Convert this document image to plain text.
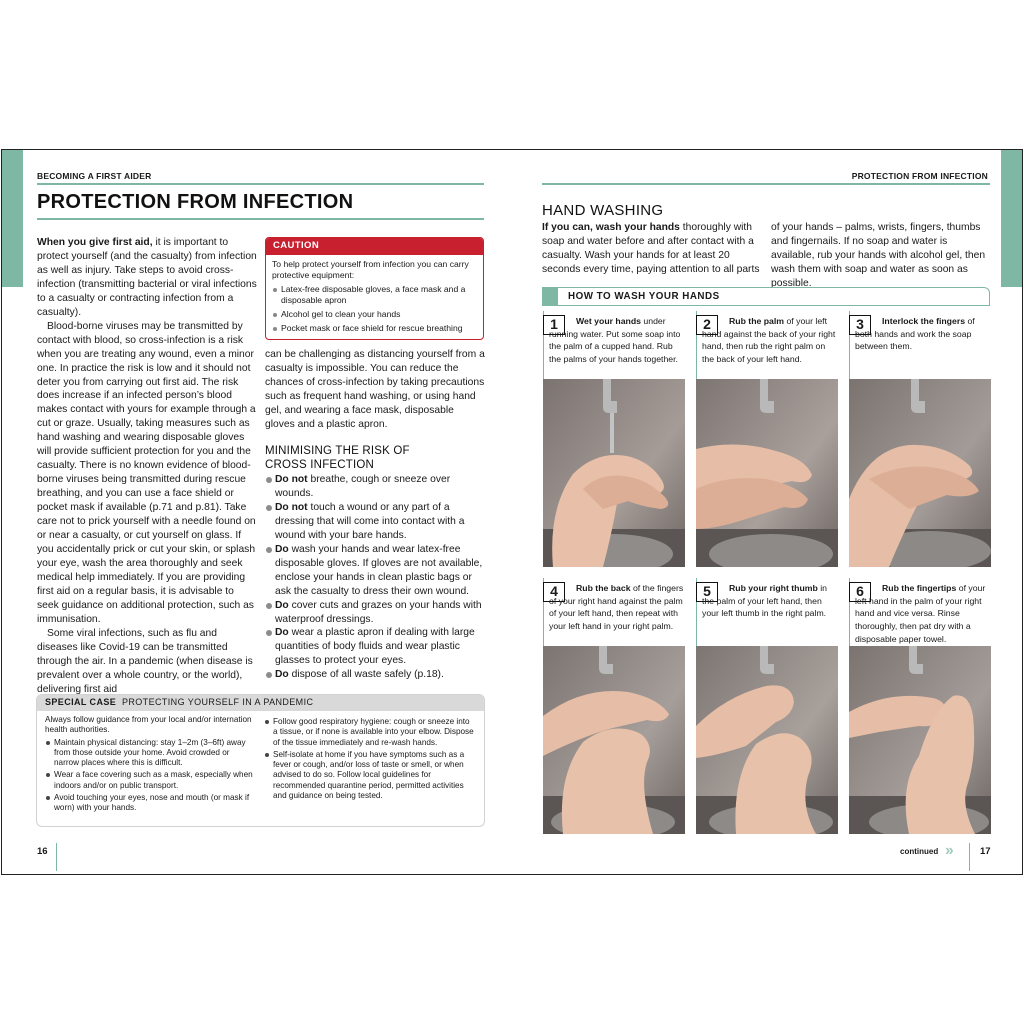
BECOMING A FIRST AIDER
PROTECTION FROM INFECTION

When you give first aid, it is important to protect yourself (and the casualty) from infection as well as injury. Take steps to avoid cross-infection (transmitting bacterial or viral infections to a casualty or contracting infection from a casualty).

Blood-borne viruses may be transmitted by contact with blood, so cross-infection is a risk when you are treating any wound, even a minor one. In practice the risk is low and it should not deter you from carrying out first aid. The risk does increase if an infected person’s blood makes contact with yours for example through a cut or graze. Usually, taking measures such as hand washing and wearing disposable gloves will provide sufficient protection for you and the casualty. There is no known evidence of blood-borne viruses being transmitted during rescue breathing, and you can use a face shield or pocket mask if available (p.71 and p.81). Take care not to prick yourself with a needle found on or near a casualty, or cut yourself on glass. If you accidentally prick or cut your skin, or splash your eye, wash the area thoroughly and seek medical help immediately. If you are providing first aid on a regular basis, it is advisable to seek guidance on additional protection, such as immunisation.

Some viral infections, such as flu and diseases like Covid-19 can be transmitted through the air. In a pandemic (when disease is prevalent over a whole country, or the world), delivering first aid

CAUTION
To help protect yourself from infection you can carry protective equipment:
Latex-free disposable gloves, a face mask and a disposable apron
Alcohol gel to clean your hands
Pocket mask or face shield for rescue breathing
can be challenging as distancing yourself from a casualty is impossible. You can reduce the chances of cross-infection by taking precautions such as frequent hand washing, or using hand gel, and wearing a face mask, disposable gloves and a plastic apron.
MINIMISING THE RISK OF
CROSS INFECTION
Do not breathe, cough or sneeze over wounds.
Do not touch a wound or any part of a dressing that will come into contact with a wound with your bare hands.
Do wash your hands and wear latex-free disposable gloves. If gloves are not available, enclose your hands in clean plastic bags or ask the casualty to dress their own wound.
Do cover cuts and grazes on your hands with waterproof dressings.
Do wear a plastic apron if dealing with large quantities of body fluids and wear plastic glasses to protect your eyes.
Do dispose of all waste safely (p.18).
SPECIAL CASE PROTECTING YOURSELF IN A PANDEMIC
Always follow guidance from your local and/or internation health authorities.
Maintain physical distancing: stay 1–2m (3–6ft) away from those outside your home. Avoid crowded or narrow places where this is difficult.
Wear a face covering such as a mask, especially when indoors and/or on public transport.
Avoid touching your eyes, nose and mouth (or mask if worn) with your hands.
Follow good respiratory hygiene: cough or sneeze into a tissue, or if none is available into your elbow. Dispose of the tissue immediately and re-wash hands.
Self-isolate at home if you have symptoms such as a fever or cough, and/or loss of taste or smell, or when advised to do so. Follow local guidelines for recommended quarantine period, permitted activities and guidance on being tested.
16
PROTECTION FROM INFECTION
HAND WASHING
If you can, wash your hands thoroughly with soap and water before and after contact with a casualty. Wash your hands for at least 20 seconds every time, paying attention to all parts
of your hands – palms, wrists, fingers, thumbs and fingernails. If no soap and water is available, rub your hands with alcohol gel, then wash them with soap and water as soon as possible.
HOW TO WASH YOUR HANDS
1	Wet your hands under running water. Put some soap into the palm of a cupped hand. Rub the palms of your hands together.
2	Rub the palm of your left hand against the back of your right hand, then rub the right palm on the back of your left hand.
3	Interlock the fingers of both hands and work the soap between them.
4	Rub the back of the fingers of your right hand against the palm of your left hand, then repeat with your left hand in your right palm.
5	Rub your right thumb in the palm of your left hand, then your left thumb in the right palm.
6	Rub the fingertips of your left hand in the palm of your right hand and vice versa. Rinse thoroughly, then pat dry with a disposable paper towel.
continued ››	17
